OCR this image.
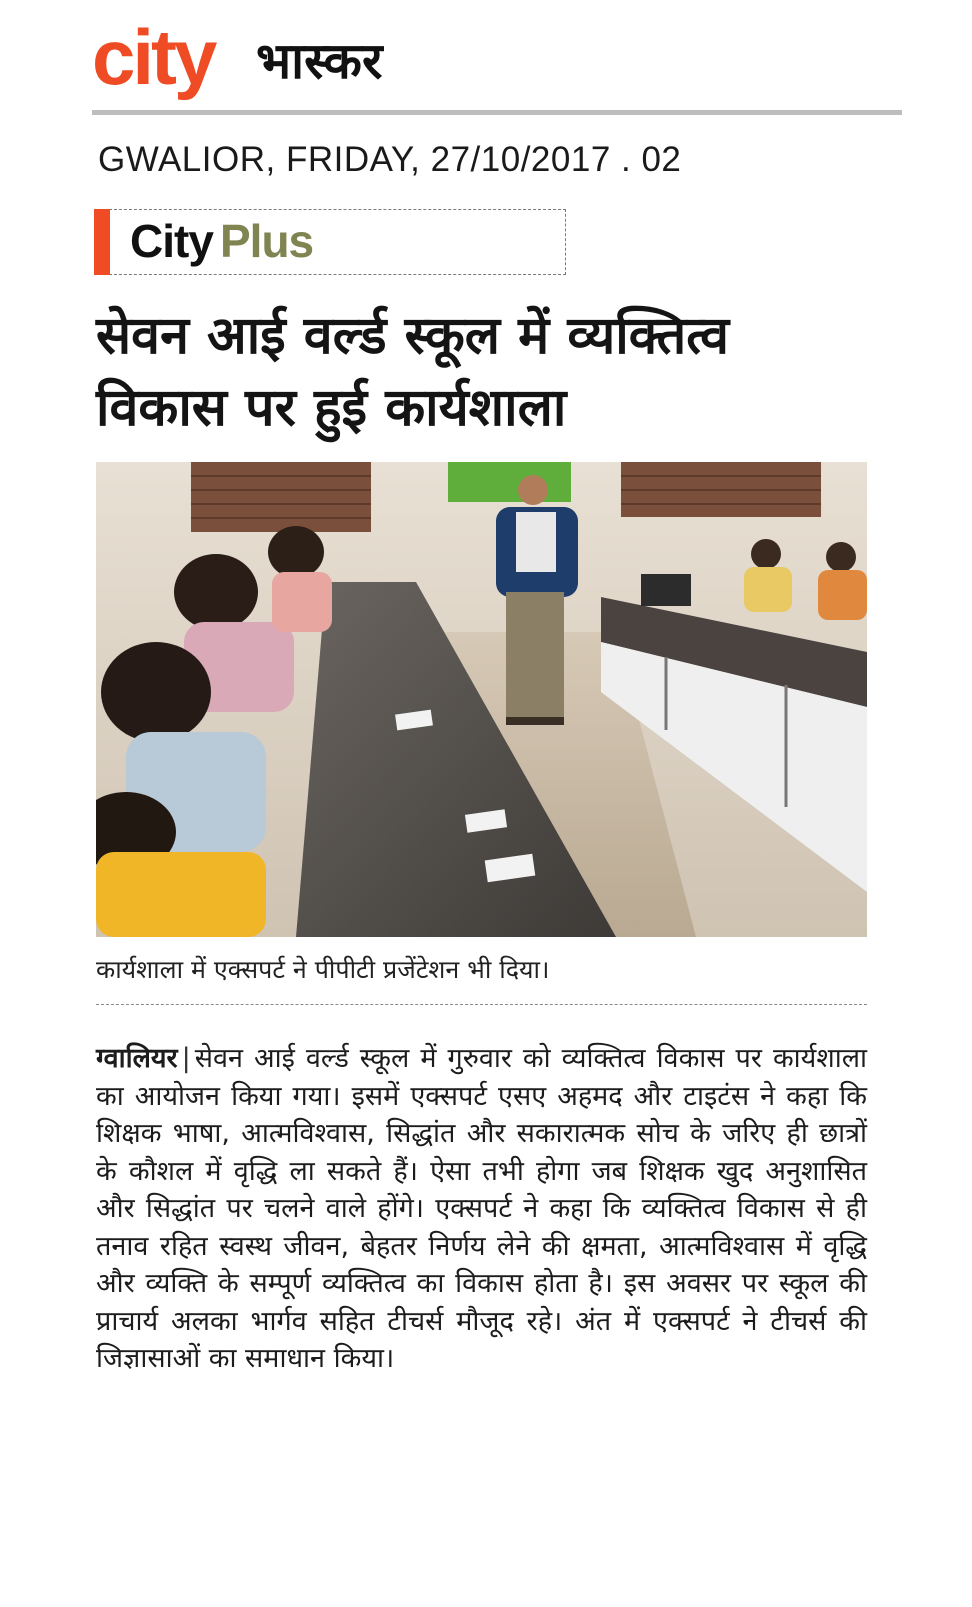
city भास्कर
GWALIOR, FRIDAY, 27/10/2017 . 02
City Plus
सेवन आई वर्ल्ड स्कूल में व्यक्तित्व विकास पर हुई कार्यशाला
कार्यशाला में एक्सपर्ट ने पीपीटी प्रजेंटेशन भी दिया।
ग्वालियर | सेवन आई वर्ल्ड स्कूल में गुरुवार को व्यक्तित्व विकास पर कार्यशाला का आयोजन किया गया। इसमें एक्सपर्ट एसए अहमद और टाइटंस ने कहा कि शिक्षक भाषा, आत्मविश्वास, सिद्धांत और सकारात्मक सोच के जरिए ही छात्रों के कौशल में वृद्धि ला सकते हैं। ऐसा तभी होगा जब शिक्षक खुद अनुशासित और सिद्धांत पर चलने वाले होंगे। एक्सपर्ट ने कहा कि व्यक्तित्व विकास से ही तनाव रहित स्वस्थ जीवन, बेहतर निर्णय लेने की क्षमता, आत्मविश्वास में वृद्धि और व्यक्ति के सम्पूर्ण व्यक्तित्व का विकास होता है। इस अवसर पर स्कूल की प्राचार्य अलका भार्गव सहित टीचर्स मौजूद रहे। अंत में एक्सपर्ट ने टीचर्स की जिज्ञासाओं का समाधान किया।
